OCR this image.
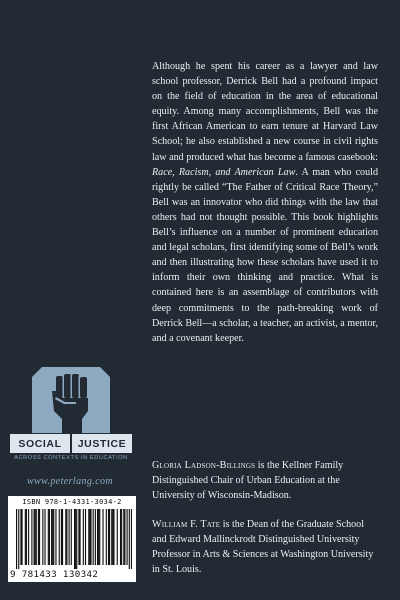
Although he spent his career as a lawyer and law school professor, Derrick Bell had a profound impact on the field of education in the area of educational equity. Among many accomplishments, Bell was the first African American to earn tenure at Harvard Law School; he also established a new course in civil rights law and produced what has become a famous casebook: Race, Racism, and American Law. A man who could rightly be called “The Father of Critical Race Theory,” Bell was an innovator who did things with the law that others had not thought possible. This book highlights Bell’s influence on a number of prominent education and legal scholars, first identifying some of Bell’s work and then illustrating how these scholars have used it to inform their own thinking and practice. What is contained here is an assemblage of contributors with deep commitments to the path-breaking work of Derrick Bell—a scholar, a teacher, an activist, a mentor, and a covenant keeper.

SOCIAL	JUSTICE
ACROSS CONTEXTS IN EDUCATION
www.peterlang.com
ISBN 978-1-4331-3034-2
9 781433 130342

Gloria Ladson-Billings is the Kellner Family Distinguished Chair of Urban Education at the University of Wisconsin-Madison.

William F. Tate is the Dean of the Graduate School and Edward Mallinckrodt Distinguished University Professor in Arts & Sciences at Washington University in St. Louis.
